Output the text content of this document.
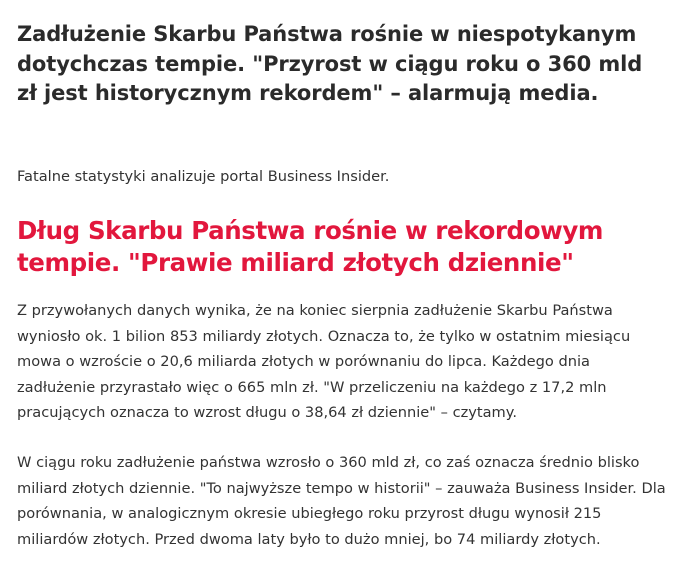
Zadłużenie Skarbu Państwa rośnie w niespotykanym dotychczas tempie. "Przyrost w ciągu roku o 360 mld zł jest historycznym rekordem" – alarmują media.

Fatalne statystyki analizuje portal Business Insider.

Dług Skarbu Państwa rośnie w rekordowym tempie. "Prawie miliard złotych dziennie"

Z przywołanych danych wynika, że na koniec sierpnia zadłużenie Skarbu Państwa wyniosło ok. 1 bilion 853 miliardy złotych. Oznacza to, że tylko w ostatnim miesiącu mowa o wzroście o 20,6 miliarda złotych w porównaniu do lipca. Każdego dnia zadłużenie przyrastało więc o 665 mln zł. "W przeliczeniu na każdego z 17,2 mln pracujących oznacza to wzrost długu o 38,64 zł dziennie" – czytamy.

W ciągu roku zadłużenie państwa wzrosło o 360 mld zł, co zaś oznacza średnio blisko miliard złotych dziennie. "To najwyższe tempo w historii" – zauważa Business Insider. Dla porównania, w analogicznym okresie ubiegłego roku przyrost długu wynosił 215 miliardów złotych. Przed dwoma laty było to dużo mniej, bo 74 miliardy złotych.
